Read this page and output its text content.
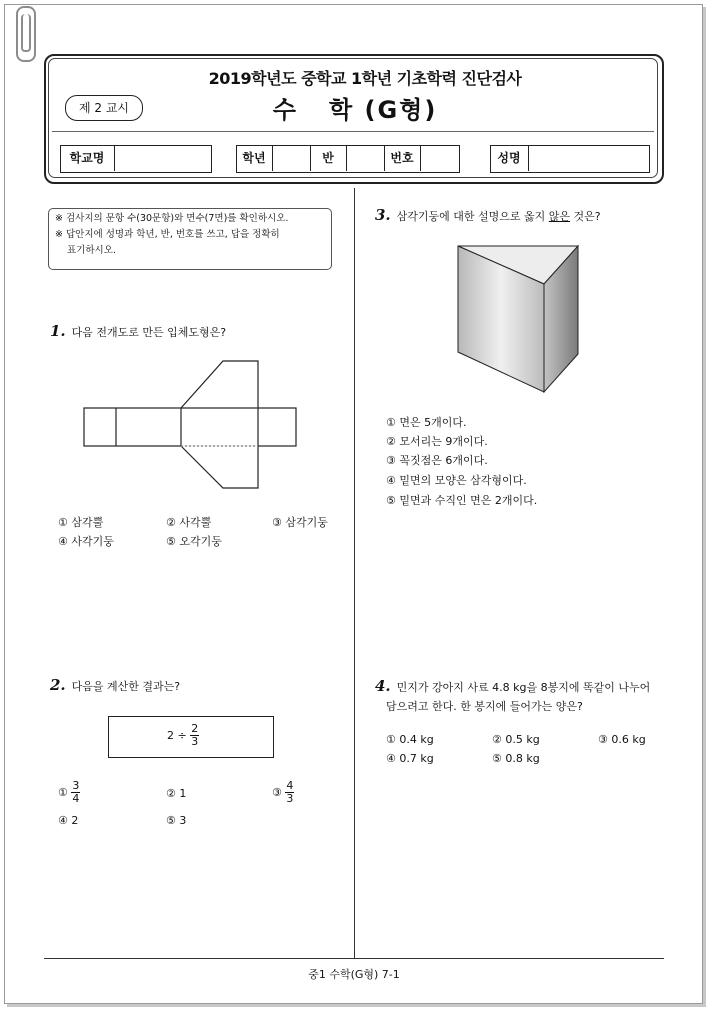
2019학년도 중학교 1학년 기초학력 진단검사
제 2 교시	수   학 (G형)
학교명	학년	반	번호	성명
중1 수학(G형) 7-1
※ 검사지의 문항 수(30문항)와 면수(7면)를 확인하시오.
※ 답안지에 성명과 학년, 반, 번호를 쓰고, 답을 정확히
표기하시오.
1. 다음 전개도로 만든 입체도형은?
① 삼각뿔	② 사각뿔	③ 삼각기둥
④ 사각기둥	⑤ 오각기둥
2. 다음을 계산한 결과는?
$2 \div \frac{2}{3}$
① $\frac{3}{4}$	② 1	③ $\frac{4}{3}$
④ 2	⑤ 3
3. 삼각기둥에 대한 설명으로 옳지 않은 것은?
① 면은 5개이다.
② 모서리는 9개이다.
③ 꼭짓점은 6개이다.
④ 밑면의 모양은 삼각형이다.
⑤ 밑면과 수직인 면은 2개이다.
4. 민지가 강아지 사료 4.8 kg을 8봉지에 똑같이 나누어
담으려고 한다. 한 봉지에 들어가는 양은?
① 0.4 kg	② 0.5 kg	③ 0.6 kg
④ 0.7 kg	⑤ 0.8 kg
